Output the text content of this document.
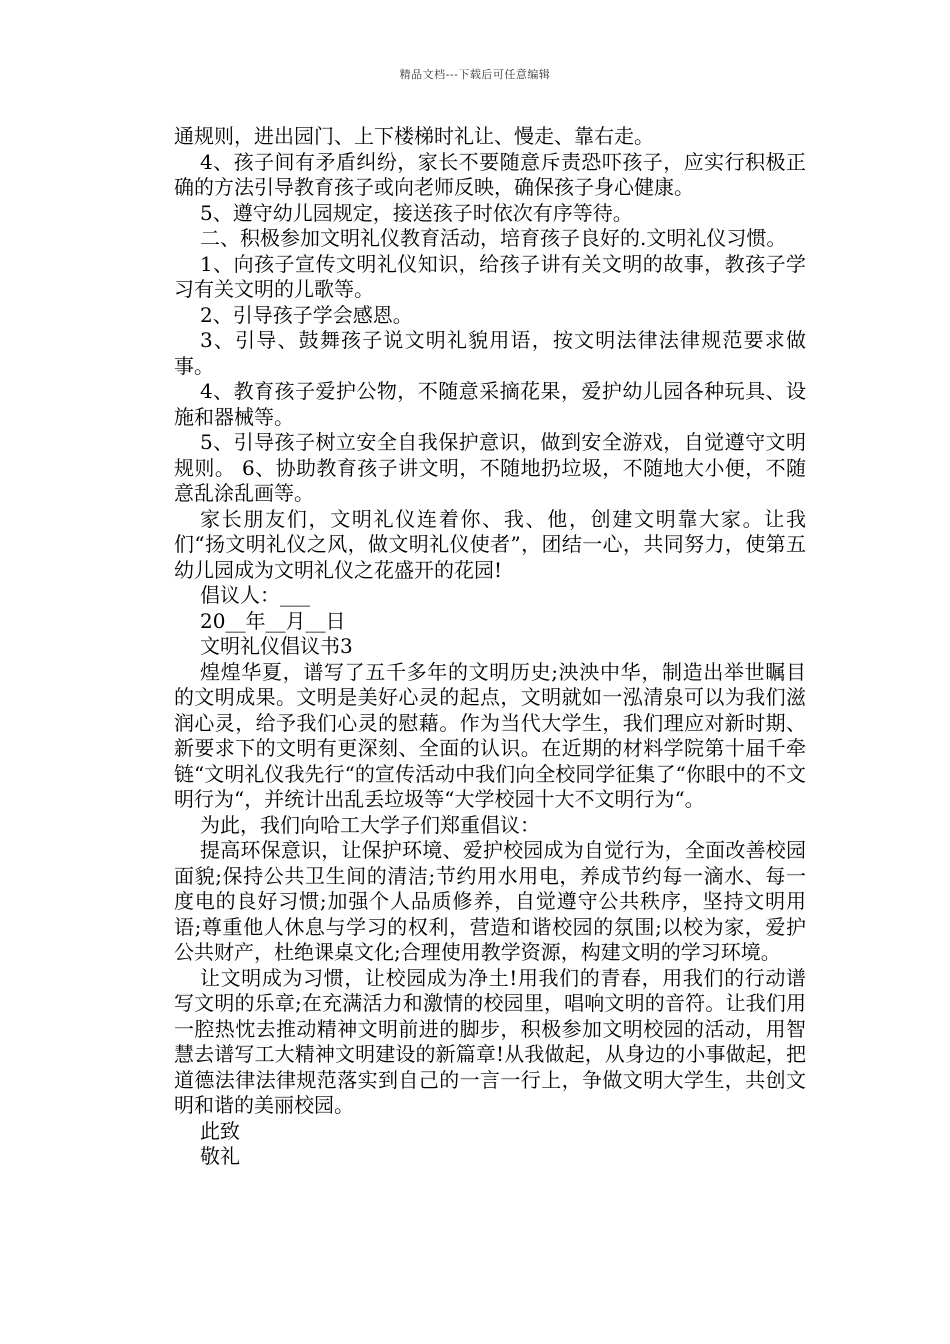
精品文档---下载后可任意编辑

通规则，进出园门、上下楼梯时礼让、慢走、靠右走。

4、孩子间有矛盾纠纷，家长不要随意斥责恐吓孩子，应实行积极正确的方法引导教育孩子或向老师反映，确保孩子身心健康。

5、遵守幼儿园规定，接送孩子时依次有序等待。

二、积极参加文明礼仪教育活动，培育孩子良好的.文明礼仪习惯。

1、向孩子宣传文明礼仪知识，给孩子讲有关文明的故事，教孩子学习有关文明的儿歌等。

2、引导孩子学会感恩。

3、引导、鼓舞孩子说文明礼貌用语，按文明法律法律规范要求做事。

4、教育孩子爱护公物，不随意采摘花果，爱护幼儿园各种玩具、设施和器械等。

5、引导孩子树立安全自我保护意识，做到安全游戏，自觉遵守文明规则。 6、协助教育孩子讲文明，不随地扔垃圾，不随地大小便，不随意乱涂乱画等。

家长朋友们，文明礼仪连着你、我、他，创建文明靠大家。让我们“扬文明礼仪之风，做文明礼仪使者”，团结一心，共同努力，使第五幼儿园成为文明礼仪之花盛开的花园!

倡议人：___

20__年__月__日

文明礼仪倡议书3

煌煌华夏，谱写了五千多年的文明历史;泱泱中华，制造出举世瞩目的文明成果。文明是美好心灵的起点，文明就如一泓清泉可以为我们滋润心灵，给予我们心灵的慰藉。作为当代大学生，我们理应对新时期、新要求下的文明有更深刻、全面的认识。在近期的材料学院第十届千牵链“文明礼仪我先行“的宣传活动中我们向全校同学征集了“你眼中的不文明行为“，并统计出乱丢垃圾等“大学校园十大不文明行为“。

为此，我们向哈工大学子们郑重倡议：

提高环保意识，让保护环境、爱护校园成为自觉行为，全面改善校园面貌;保持公共卫生间的清洁;节约用水用电，养成节约每一滴水、每一度电的良好习惯;加强个人品质修养，自觉遵守公共秩序，坚持文明用语;尊重他人休息与学习的权利，营造和谐校园的氛围;以校为家，爱护公共财产，杜绝课桌文化;合理使用教学资源，构建文明的学习环境。

让文明成为习惯，让校园成为净土!用我们的青春，用我们的行动谱写文明的乐章;在充满活力和激情的校园里，唱响文明的音符。让我们用一腔热忱去推动精神文明前进的脚步，积极参加文明校园的活动，用智慧去谱写工大精神文明建设的新篇章!从我做起，从身边的小事做起，把道德法律法律规范落实到自己的一言一行上，争做文明大学生，共创文明和谐的美丽校园。

此致

敬礼
